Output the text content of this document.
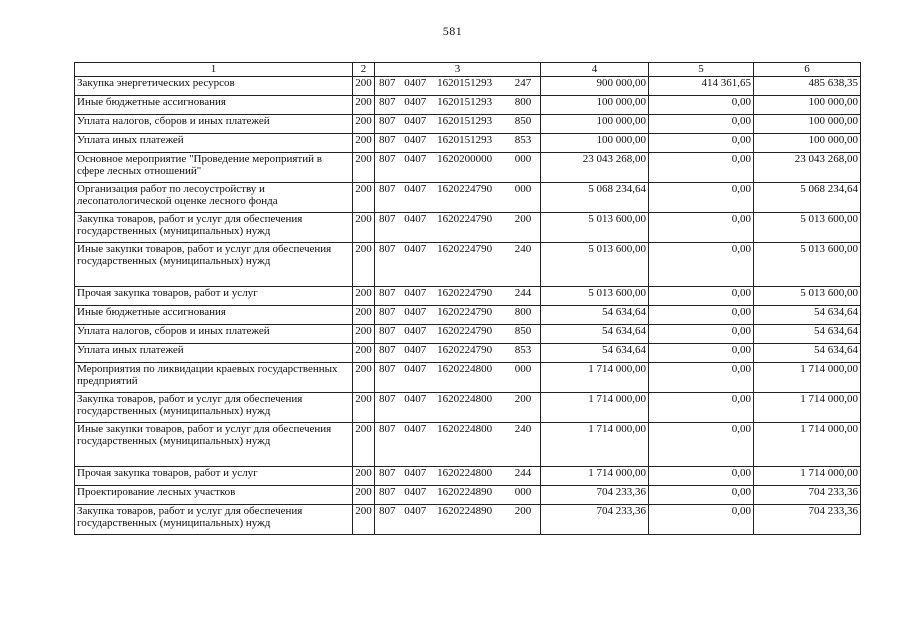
581
1	2	3	4	5	6
Закупка энергетических ресурсов	200	807 0407 1620151293 247	900 000,00	414 361,65	485 638,35
Иные бюджетные ассигнования	200	807 0407 1620151293 800	100 000,00	0,00	100 000,00
Уплата налогов, сборов и иных платежей	200	807 0407 1620151293 850	100 000,00	0,00	100 000,00
Уплата иных платежей	200	807 0407 1620151293 853	100 000,00	0,00	100 000,00
Основное мероприятие "Проведение мероприятий в сфере лесных отношений"	200	807 0407 1620200000 000	23 043 268,00	0,00	23 043 268,00
Организация работ по лесоустройству и лесопатологической оценке лесного фонда	200	807 0407 1620224790 000	5 068 234,64	0,00	5 068 234,64
Закупка товаров, работ и услуг для обеспечения государственных (муниципальных) нужд	200	807 0407 1620224790 200	5 013 600,00	0,00	5 013 600,00
Иные закупки товаров, работ и услуг для обеспечения государственных (муниципальных) нужд	200	807 0407 1620224790 240	5 013 600,00	0,00	5 013 600,00
Прочая закупка товаров, работ и услуг	200	807 0407 1620224790 244	5 013 600,00	0,00	5 013 600,00
Иные бюджетные ассигнования	200	807 0407 1620224790 800	54 634,64	0,00	54 634,64
Уплата налогов, сборов и иных платежей	200	807 0407 1620224790 850	54 634,64	0,00	54 634,64
Уплата иных платежей	200	807 0407 1620224790 853	54 634,64	0,00	54 634,64
Мероприятия по ликвидации краевых государственных предприятий	200	807 0407 1620224800 000	1 714 000,00	0,00	1 714 000,00
Закупка товаров, работ и услуг для обеспечения государственных (муниципальных) нужд	200	807 0407 1620224800 200	1 714 000,00	0,00	1 714 000,00
Иные закупки товаров, работ и услуг для обеспечения государственных (муниципальных) нужд	200	807 0407 1620224800 240	1 714 000,00	0,00	1 714 000,00
Прочая закупка товаров, работ и услуг	200	807 0407 1620224800 244	1 714 000,00	0,00	1 714 000,00
Проектирование лесных участков	200	807 0407 1620224890 000	704 233,36	0,00	704 233,36
Закупка товаров, работ и услуг для обеспечения государственных (муниципальных) нужд	200	807 0407 1620224890 200	704 233,36	0,00	704 233,36
